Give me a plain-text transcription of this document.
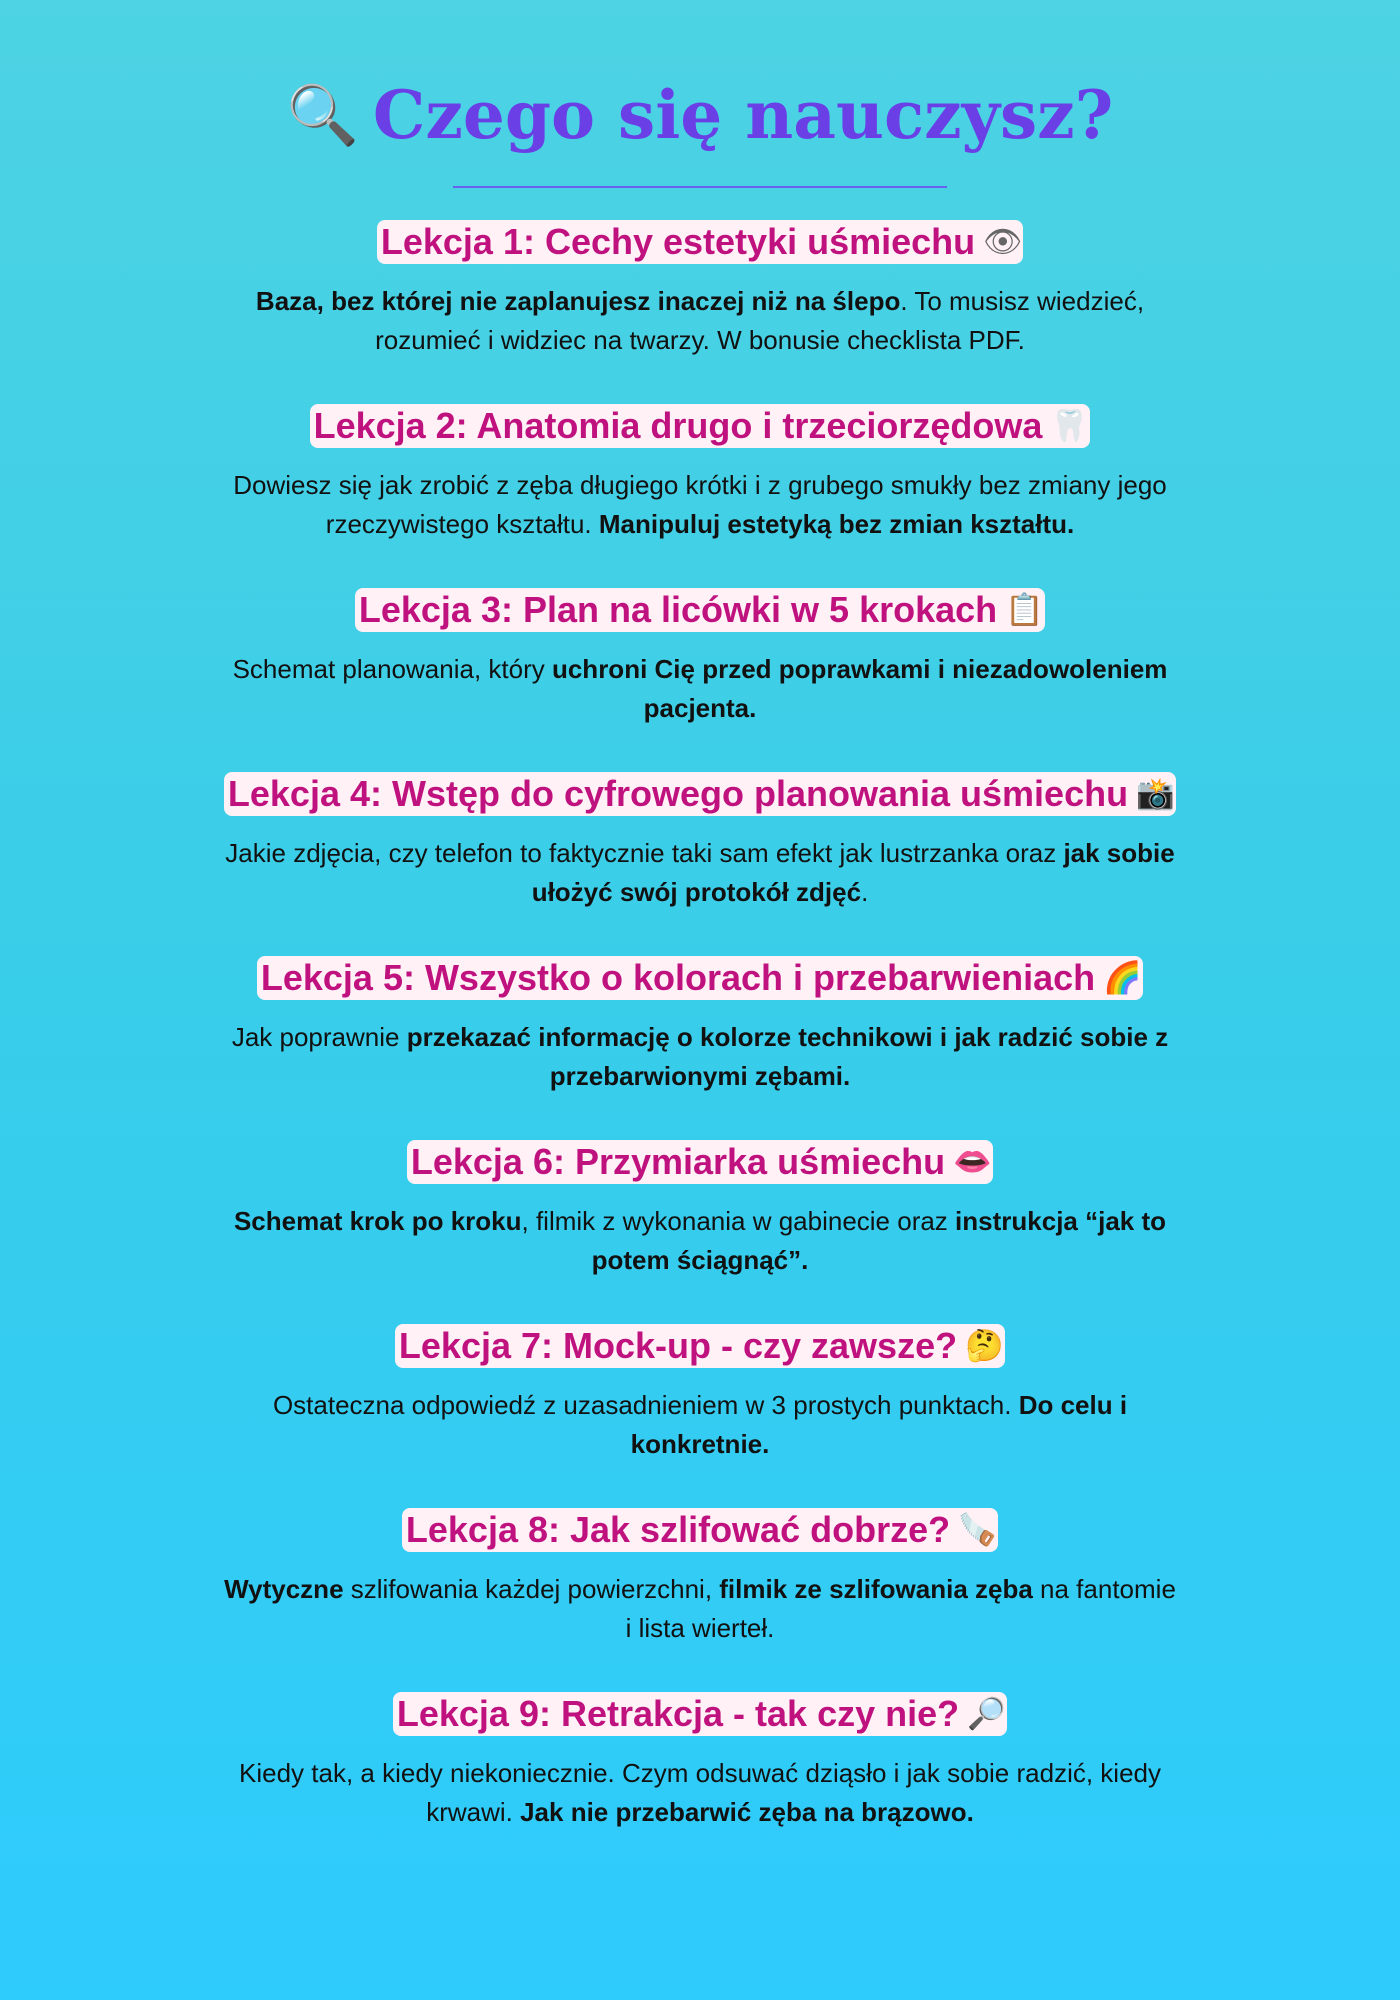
🔍 Czego się nauczysz?
Lekcja 1: Cechy estetyki uśmiechu 👁
Baza, bez której nie zaplanujesz inaczej niż na ślepo. To musisz wiedzieć, rozumieć i widziec na twarzy. W bonusie checklista PDF.
Lekcja 2: Anatomia drugo i trzeciorzędowa 🦷
Dowiesz się jak zrobić z zęba długiego krótki i z grubego smukły bez zmiany jego rzeczywistego kształtu. Manipuluj estetyką bez zmian kształtu.
Lekcja 3: Plan na licówki w 5 krokach 📋
Schemat planowania, który uchroni Cię przed poprawkami i niezadowoleniem pacjenta.
Lekcja 4: Wstęp do cyfrowego planowania uśmiechu 📸
Jakie zdjęcia, czy telefon to faktycznie taki sam efekt jak lustrzanka oraz jak sobie ułożyć swój protokół zdjęć.
Lekcja 5: Wszystko o kolorach i przebarwieniach 🌈
Jak poprawnie przekazać informację o kolorze technikowi i jak radzić sobie z przebarwionymi zębami.
Lekcja 6: Przymiarka uśmiechu 👄
Schemat krok po kroku, filmik z wykonania w gabinecie oraz instrukcja “jak to potem ściągnąć”.
Lekcja 7: Mock-up - czy zawsze? 🤔
Ostateczna odpowiedź z uzasadnieniem w 3 prostych punktach. Do celu i konkretnie.
Lekcja 8: Jak szlifować dobrze? 🪚
Wytyczne szlifowania każdej powierzchni, filmik ze szlifowania zęba na fantomie i lista wierteł.
Lekcja 9: Retrakcja - tak czy nie? 🔎
Kiedy tak, a kiedy niekoniecznie. Czym odsuwać dziąsło i jak sobie radzić, kiedy krwawi. Jak nie przebarwić zęba na brązowo.
